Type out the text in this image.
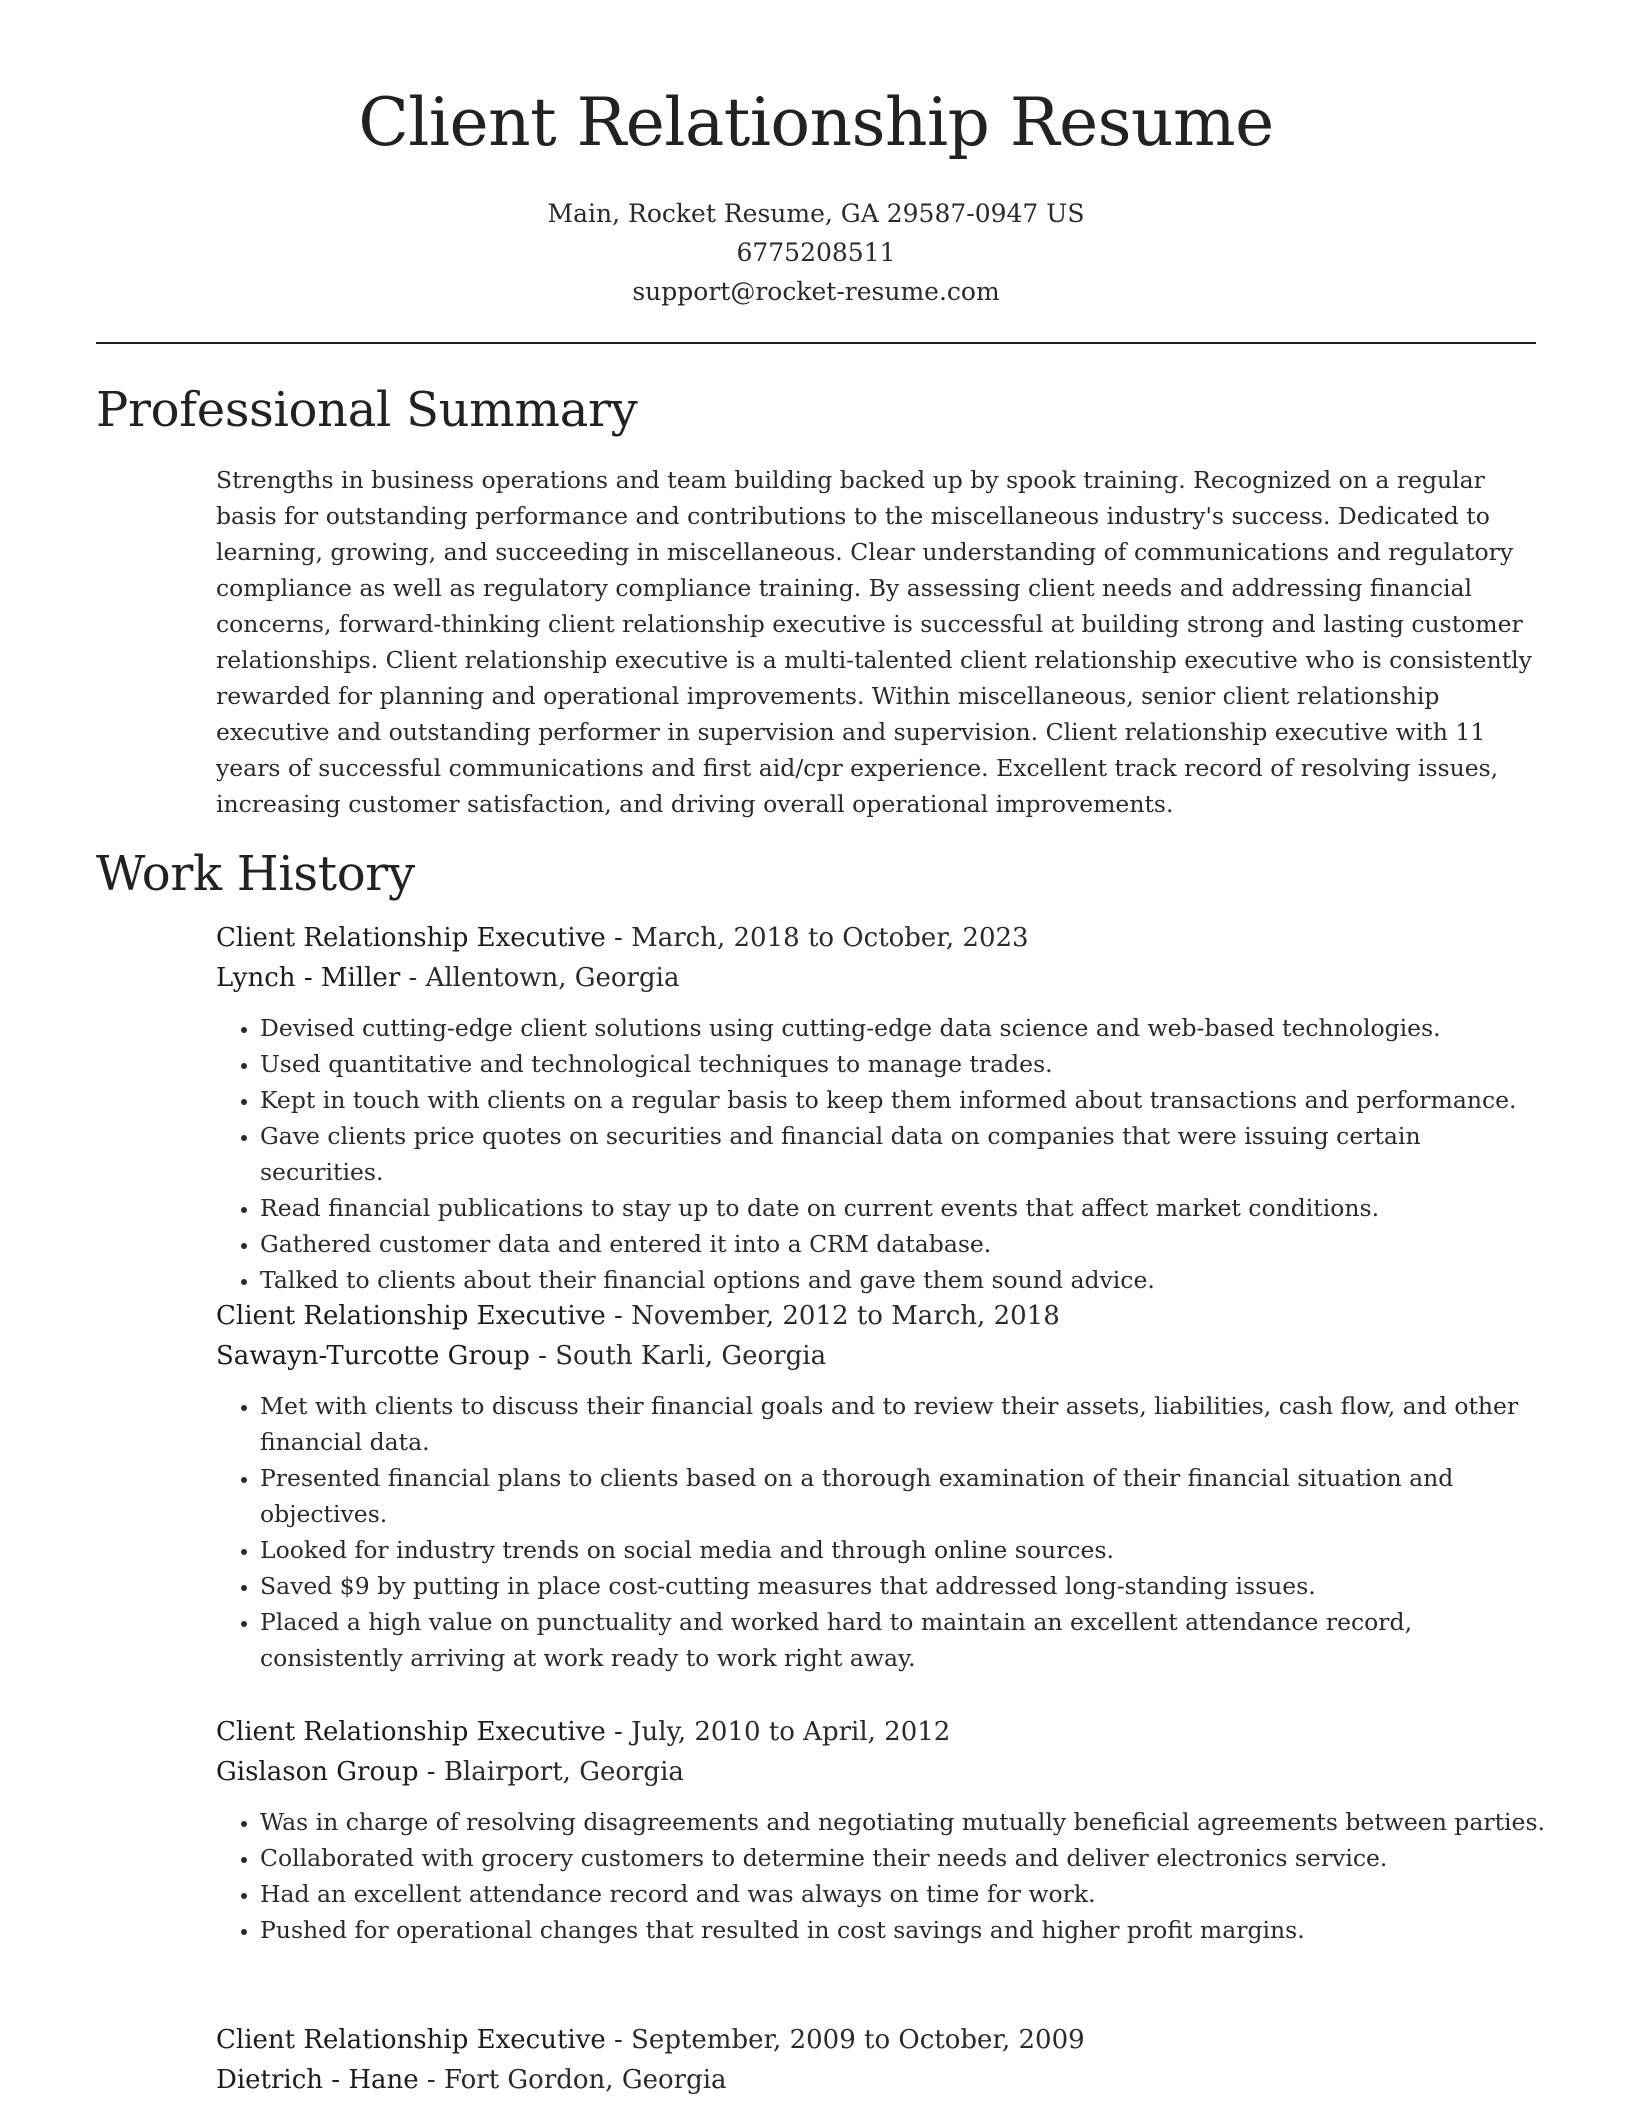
Client Relationship Resume
Main, Rocket Resume, GA 29587-0947 US
6775208511
support@rocket-resume.com
Professional Summary

Strengths in business operations and team building backed up by spook training. Recognized on a regular basis for outstanding performance and contributions to the miscellaneous industry's success. Dedicated to learning, growing, and succeeding in miscellaneous. Clear understanding of communications and regulatory compliance as well as regulatory compliance training. By assessing client needs and addressing financial concerns, forward-thinking client relationship executive is successful at building strong and lasting customer relationships. Client relationship executive is a multi-talented client relationship executive who is consistently rewarded for planning and operational improvements. Within miscellaneous, senior client relationship executive and outstanding performer in supervision and supervision. Client relationship executive with 11 years of successful communications and first aid/cpr experience. Excellent track record of resolving issues, increasing customer satisfaction, and driving overall operational improvements.

Work History
Client Relationship Executive - March, 2018 to October, 2023
Lynch - Miller - Allentown, Georgia
• Devised cutting-edge client solutions using cutting-edge data science and web-based technologies.
• Used quantitative and technological techniques to manage trades.
• Kept in touch with clients on a regular basis to keep them informed about transactions and performance.
• Gave clients price quotes on securities and financial data on companies that were issuing certain securities.
• Read financial publications to stay up to date on current events that affect market conditions.
• Gathered customer data and entered it into a CRM database.
• Talked to clients about their financial options and gave them sound advice.
Client Relationship Executive - November, 2012 to March, 2018
Sawayn-Turcotte Group - South Karli, Georgia
• Met with clients to discuss their financial goals and to review their assets, liabilities, cash flow, and other financial data.
• Presented financial plans to clients based on a thorough examination of their financial situation and objectives.
• Looked for industry trends on social media and through online sources.
• Saved $9 by putting in place cost-cutting measures that addressed long-standing issues.
• Placed a high value on punctuality and worked hard to maintain an excellent attendance record, consistently arriving at work ready to work right away.
Client Relationship Executive - July, 2010 to April, 2012
Gislason Group - Blairport, Georgia
• Was in charge of resolving disagreements and negotiating mutually beneficial agreements between parties.
• Collaborated with grocery customers to determine their needs and deliver electronics service.
• Had an excellent attendance record and was always on time for work.
• Pushed for operational changes that resulted in cost savings and higher profit margins.
Client Relationship Executive - September, 2009 to October, 2009
Dietrich - Hane - Fort Gordon, Georgia
